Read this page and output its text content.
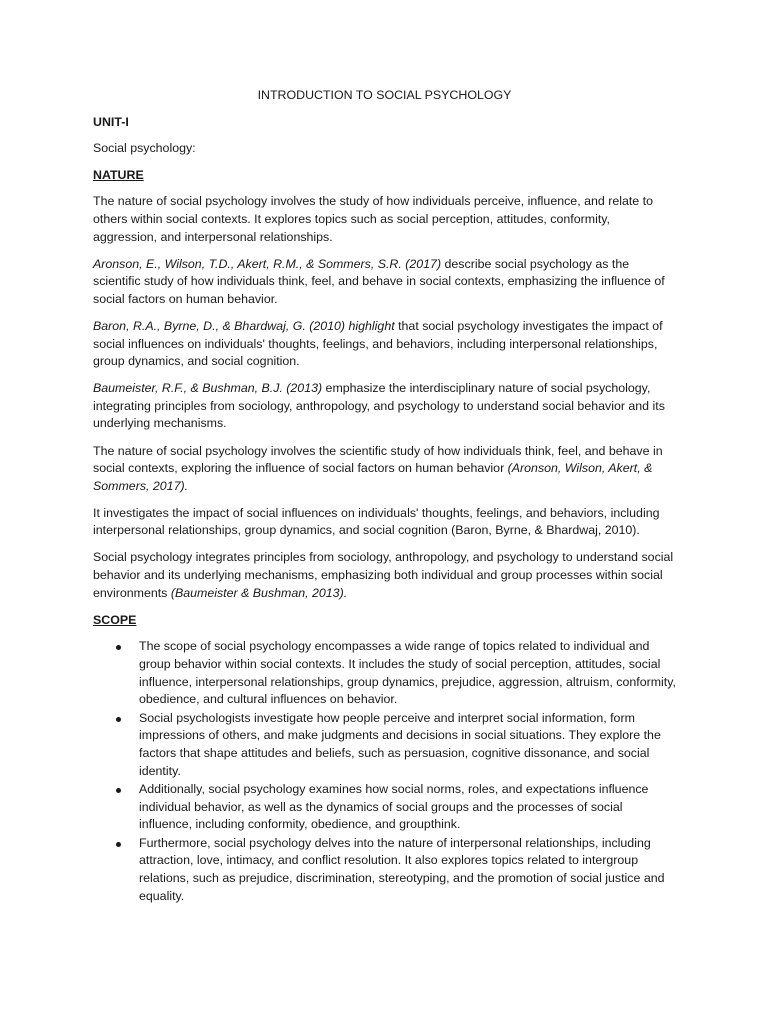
INTRODUCTION TO SOCIAL PSYCHOLOGY
UNIT-I
Social psychology:
NATURE

The nature of social psychology involves the study of how individuals perceive, influence, and relate to others within social contexts. It explores topics such as social perception, attitudes, conformity, aggression, and interpersonal relationships.

Aronson, E., Wilson, T.D., Akert, R.M., & Sommers, S.R. (2017) describe social psychology as the scientific study of how individuals think, feel, and behave in social contexts, emphasizing the influence of social factors on human behavior.

Baron, R.A., Byrne, D., & Bhardwaj, G. (2010) highlight that social psychology investigates the impact of social influences on individuals' thoughts, feelings, and behaviors, including interpersonal relationships, group dynamics, and social cognition.

Baumeister, R.F., & Bushman, B.J. (2013) emphasize the interdisciplinary nature of social psychology, integrating principles from sociology, anthropology, and psychology to understand social behavior and its underlying mechanisms.

The nature of social psychology involves the scientific study of how individuals think, feel, and behave in social contexts, exploring the influence of social factors on human behavior (Aronson, Wilson, Akert, & Sommers, 2017).

It investigates the impact of social influences on individuals' thoughts, feelings, and behaviors, including interpersonal relationships, group dynamics, and social cognition (Baron, Byrne, & Bhardwaj, 2010).

Social psychology integrates principles from sociology, anthropology, and psychology to understand social behavior and its underlying mechanisms, emphasizing both individual and group processes within social environments (Baumeister & Bushman, 2013).

SCOPE
The scope of social psychology encompasses a wide range of topics related to individual and group behavior within social contexts. It includes the study of social perception, attitudes, social influence, interpersonal relationships, group dynamics, prejudice, aggression, altruism, conformity, obedience, and cultural influences on behavior.
Social psychologists investigate how people perceive and interpret social information, form impressions of others, and make judgments and decisions in social situations. They explore the factors that shape attitudes and beliefs, such as persuasion, cognitive dissonance, and social identity.
Additionally, social psychology examines how social norms, roles, and expectations influence individual behavior, as well as the dynamics of social groups and the processes of social influence, including conformity, obedience, and groupthink.
Furthermore, social psychology delves into the nature of interpersonal relationships, including attraction, love, intimacy, and conflict resolution. It also explores topics related to intergroup relations, such as prejudice, discrimination, stereotyping, and the promotion of social justice and equality.
